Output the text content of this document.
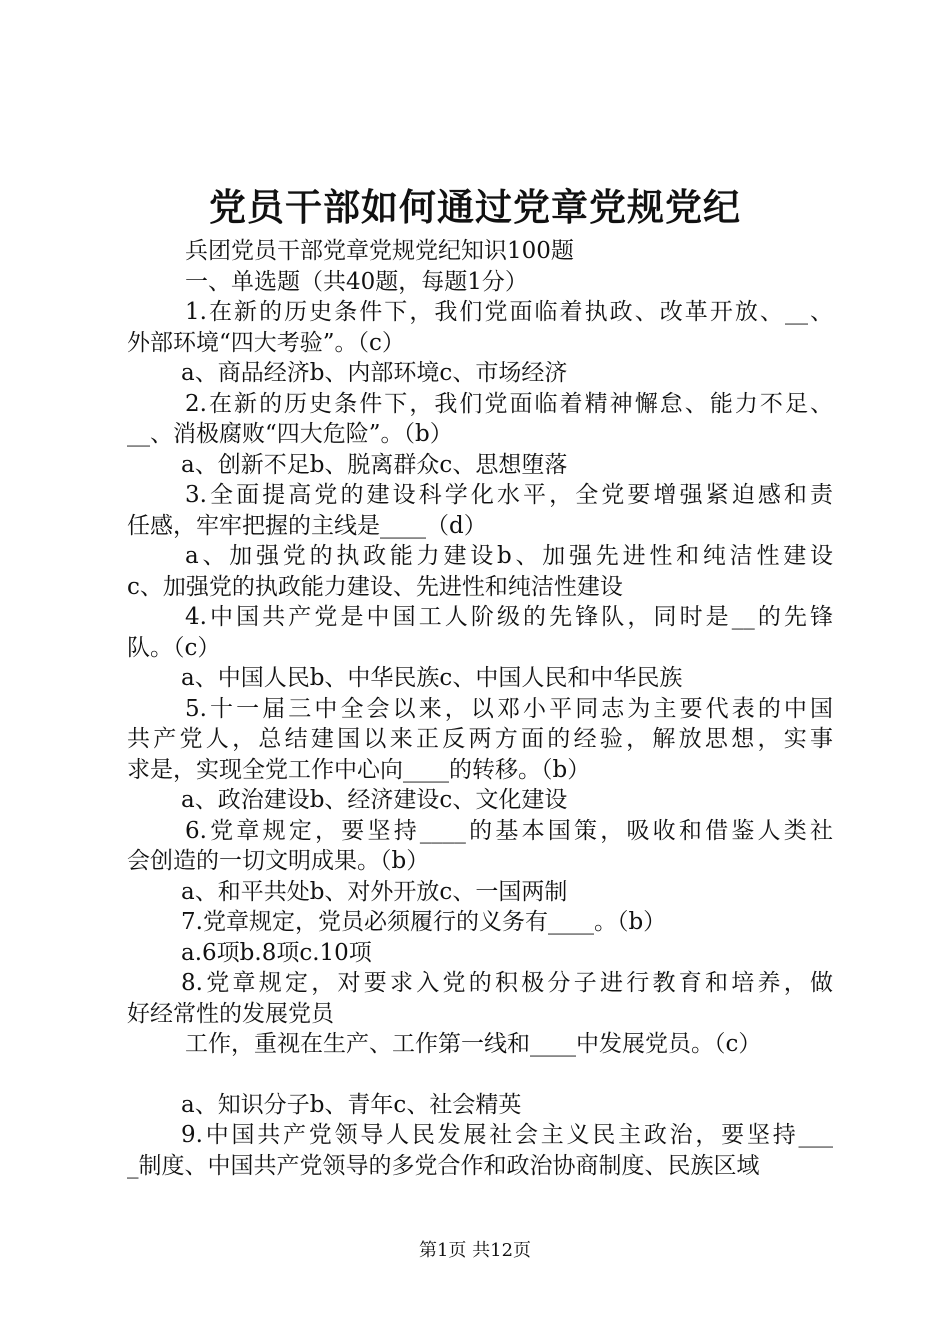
党员干部如何通过党章党规党纪
兵团党员干部党章党规党纪知识100题
一、单选题（共40题，每题1分）
1.在新的历史条件下，我们党面临着执政、改革开放、__、
外部环境“四大考验”。（c）
a、商品经济b、内部环境c、市场经济
2.在新的历史条件下，我们党面临着精神懈怠、能力不足、
__、消极腐败“四大危险”。（b）
a、创新不足b、脱离群众c、思想堕落
3.全面提高党的建设科学化水平，全党要增强紧迫感和责
任感，牢牢把握的主线是____（d）
a、加强党的执政能力建设b、加强先进性和纯洁性建设
c、加强党的执政能力建设、先进性和纯洁性建设
4.中国共产党是中国工人阶级的先锋队，同时是__的先锋
队。（c）
a、中国人民b、中华民族c、中国人民和中华民族
5.十一届三中全会以来，以邓小平同志为主要代表的中国
共产党人，总结建国以来正反两方面的经验，解放思想，实事
求是，实现全党工作中心向____的转移。（b）
a、政治建设b、经济建设c、文化建设
6.党章规定，要坚持____的基本国策，吸收和借鉴人类社
会创造的一切文明成果。（b）
a、和平共处b、对外开放c、一国两制
7.党章规定，党员必须履行的义务有____。（b）
a.6项b.8项c.10项
8.党章规定，对要求入党的积极分子进行教育和培养，做
好经常性的发展党员
工作，重视在生产、工作第一线和____中发展党员。（c）
a、知识分子b、青年c、社会精英
9.中国共产党领导人民发展社会主义民主政治，要坚持___
_制度、中国共产党领导的多党合作和政治协商制度、民族区域
第1页 共12页
